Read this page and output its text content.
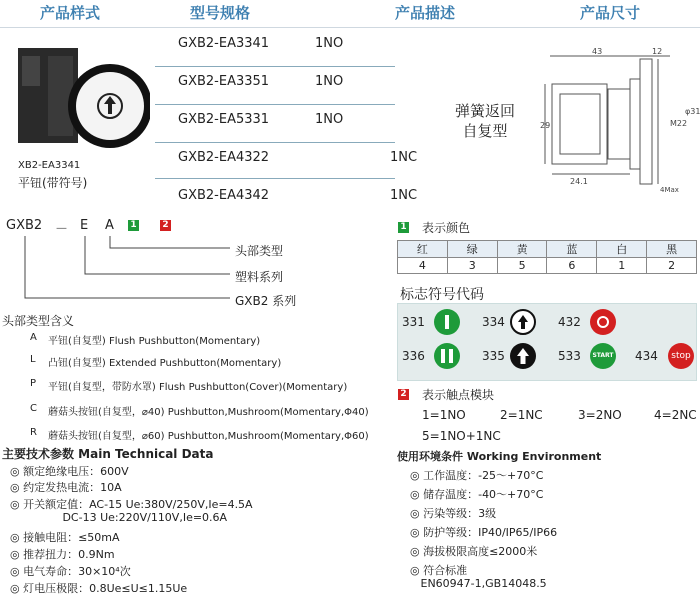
产品样式	型号规格	产品描述	产品尺寸
XB2-EA3341
平钮(带符号)
GXB2-EA3341	1NO
GXB2-EA3351	1NO
GXB2-EA5331	1NO
GXB2-EA4322	1NC
GXB2-EA4342	1NC
弹簧返回
自复型
43	12
29	M22
φ31
24.1
4Max
GXB2 － E A 1	2
头部类型
塑料系列
GXB2 系列
头部类型含义
A 平钮(自复型) Flush Pushbutton(Momentary)
L 凸钮(自复型) Extended Pushbutton(Momentary)
P 平钮(自复型，带防水罩) Flush Pushbutton(Cover)(Momentary)
C 蘑菇头按钮(自复型，⌀40) Pushbutton,Mushroom(Momentary,Φ40)
R 蘑菇头按钮(自复型，⌀60) Pushbutton,Mushroom(Momentary,Φ60)
主要技术参数 Main Technical Data
◎ 额定绝缘电压：600V
◎ 约定发热电流：10A
◎ 开关额定值：AC-15 Ue:380V/250V,Ie=4.5A
DC-13 Ue:220V/110V,Ie=0.6A
◎ 接触电阻：≤50mA
◎ 推荐扭力：0.9Nm
◎ 电气寿命：30×10⁴次
◎ 灯电压极限：0.8Ue≤U≤1.15Ue
1 表示颜色
红	绿	黄	蓝	白	黑
4	3	5	6	1	2
标志符号代码
331	334	432
336	335	533	START 434	stop
2 表示触点模块
1=1NO	2=1NC	3=2NO	4=2NC
5=1NO+1NC
使用环境条件 Working Environment
◎ 工作温度：-25～+70°C
◎ 储存温度：-40～+70°C
◎ 污染等级：3级
◎ 防护等级：IP40/IP65/IP66
◎ 海拔极限高度≤2000米
◎ 符合标准
EN60947-1,GB14048.5
